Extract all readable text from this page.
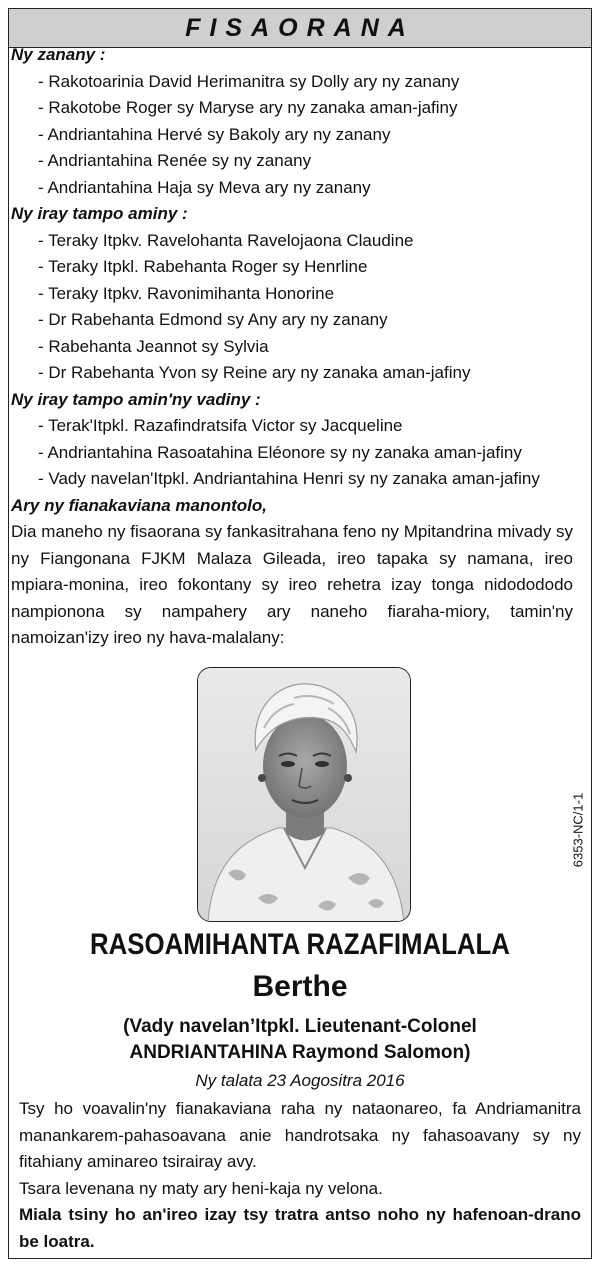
FISAORANA
Ny zanany :
- Rakotoarinia David Herimanitra sy Dolly ary ny zanany
- Rakotobe Roger sy Maryse ary ny zanaka aman-jafiny
- Andriantahina Hervé sy Bakoly ary ny zanany
- Andriantahina Renée sy ny zanany
- Andriantahina Haja sy Meva ary ny zanany
Ny iray tampo aminy :
- Teraky Itpkv. Ravelohanta Ravelojaona Claudine
- Teraky Itpkl. Rabehanta Roger sy Henrline
- Teraky Itpkv. Ravonimihanta Honorine
- Dr Rabehanta Edmond sy Any ary ny zanany
- Rabehanta Jeannot sy Sylvia
- Dr Rabehanta Yvon sy Reine ary ny zanaka aman-jafiny
Ny iray tampo amin'ny vadiny :
- Terak'Itpkl. Razafindratsifa Victor sy Jacqueline
- Andriantahina Rasoatahina Eléonore sy ny zanaka aman-jafiny
- Vady navelan'Itpkl. Andriantahina Henri sy ny zanaka aman-jafiny
Ary ny fianakaviana manontolo,
Dia maneho ny fisaorana sy fankasitrahana feno ny Mpitandrina mivady sy ny Fiangonana FJKM Malaza Gileada, ireo tapaka sy namana, ireo mpiara-monina, ireo fokontany sy ireo rehetra izay tonga nidodododo nampionona sy nampahery ary naneho fiaraha-miory, tamin'ny namoizan'izy ireo ny hava-malalany:
6353-NC/1-1
RASOAMIHANTA RAZAFIMALALA
Berthe
(Vady navelan’Itpkl. Lieutenant-Colonel
ANDRIANTAHINA Raymond Salomon)
Ny talata 23 Aogositra 2016
Tsy ho voavalin'ny fianakaviana raha ny nataonareo, fa Andriamanitra manankarem-pahasoavana anie handrotsaka ny fahasoavany sy ny fitahiany aminareo tsirairay avy.
Tsara levenana ny maty ary heni-kaja ny velona.
Miala tsiny ho an'ireo izay tsy tratra antso noho ny hafenoan-drano be loatra.
